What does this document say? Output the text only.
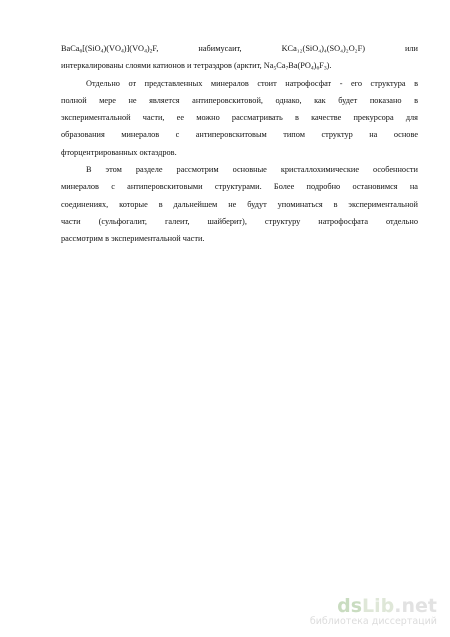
$BaCa_6[(SiO_4)(VO_4)](VO_4)_2F$,	набимусаит,	KCa₁₂(SiO₄)₄(SO₄)₂O₂F)	или
интеркалированы слоями катионов и тетраэдров (арктит, $Na_5Ca_7Ba(PO_4)_6F_3$).
Отдельно от представленных минералов стоит натрофосфат - его структура в
полной мере не является антиперовскитовой, однако, как будет показано в
экспериментальной части, ее можно рассматривать в качестве прекурсора для
образования минералов с антиперовскитовым типом структур на основе
фторцентрированных октаэдров.
В этом разделе рассмотрим основные кристаллохимические особенности
минералов с антиперовскитовыми структурами. Более подробно остановимся на
соединениях, которые в дальнейшем не будут упоминаться в экспериментальной
части (сульфогалит, галеит, шайберит), структуру натрофосфата отдельно
рассмотрим в экспериментальной части.
dsLib.net
библиотека диссертаций
